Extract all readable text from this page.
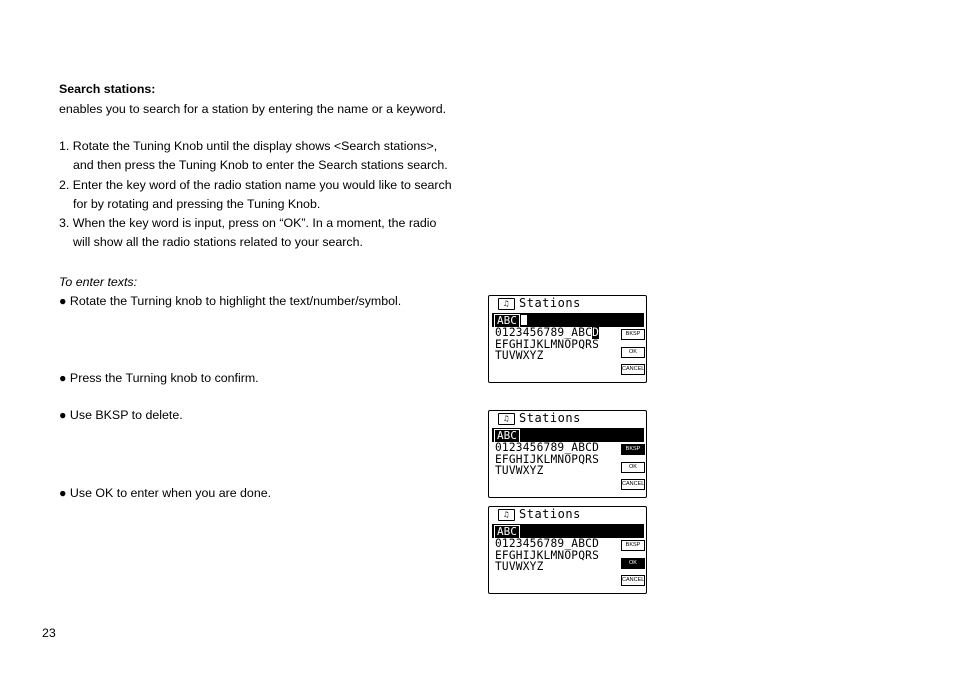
Search stations:
enables you to search for a station by entering the name or a keyword.
1. Rotate the Tuning Knob until the display shows <Search stations>,
and then press the Tuning Knob to enter the Search stations search.
2. Enter the key word of the radio station name you would like to search
for by rotating and pressing the Tuning Knob.
3. When the key word is input, press on “OK”. In a moment, the radio
will show all the radio stations related to your search.
To enter texts:
● Rotate the Turning knob to highlight the text/number/symbol.
● Press the Turning knob to confirm.
● Use BKSP to delete.
● Use OK to enter when you are done.
23
♫ Stations
ABC
0123456789_ABCD
EFGHIJKLMNOPQRS
TUVWXYZ
BKSP
OK
CANCEL
♫ Stations
ABC
0123456789_ABCD
EFGHIJKLMNOPQRS
TUVWXYZ
BKSP
OK
CANCEL
♫ Stations
ABC
0123456789_ABCD
EFGHIJKLMNOPQRS
TUVWXYZ
BKSP
OK
CANCEL
